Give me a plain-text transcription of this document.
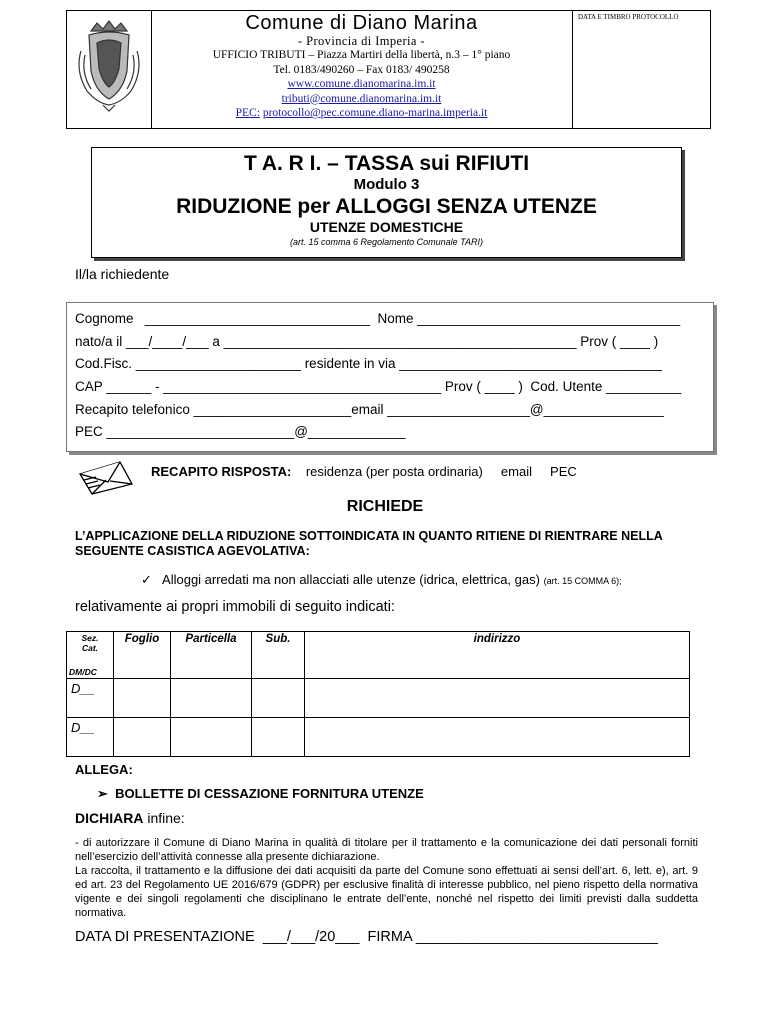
Comune di Diano Marina
- Provincia di Imperia -
UFFICIO TRIBUTI – Piazza Martiri della libertà, n.3 – 1° piano
Tel. 0183/490260 – Fax 0183/ 490258
www.comune.dianomarina.im.it
tributi@comune.dianomarina.im.it
PEC: protocollo@pec.comune.diano-marina.imperia.it
DATA E TIMBRO PROTOCOLLO
T A. R I. – TASSA sui RIFIUTI
Modulo 3
RIDUZIONE per ALLOGGI SENZA UTENZE
UTENZE DOMESTICHE
(art. 15 comma 6 Regolamento Comunale TARI)
Il/la richiedente
Cognome   ______________________________  Nome ___________________________________
nato/a il ___/____/___ a _______________________________________________ Prov ( ____ )
Cod.Fisc. ______________________ residente in via ___________________________________
CAP ______ - _____________________________________ Prov ( ____ )  Cod. Utente __________
Recapito telefonico _____________________email ___________________@________________
PEC _________________________@_____________
RECAPITO RISPOSTA:    residenza (per posta ordinaria)     email     PEC
RICHIEDE
L’APPLICAZIONE DELLA RIDUZIONE SOTTOINDICATA IN QUANTO RITIENE DI RIENTRARE NELLA SEGUENTE CASISTICA AGEVOLATIVA:
✓ Alloggi arredati ma non allacciati alle utenze (idrica, elettrica, gas) (art. 15 COMMA 6);
relativamente ai propri immobili di seguito indicati:
Sez. Cat.
DM/DC	Foglio	Particella	Sub.	indirizzo
D__				
D__				
ALLEGA:
➢ BOLLETTE DI CESSAZIONE FORNITURA UTENZE
DICHIARA infine:
- di autorizzare il Comune di Diano Marina in qualità di titolare per il trattamento e la comunicazione dei dati personali forniti nell’esercizio dell’attività connesse alla presente dichiarazione.
La raccolta, il trattamento e la diffusione dei dati acquisiti da parte del Comune sono effettuati ai sensi dell’art. 6, lett. e), art. 9 ed art. 23 del Regolamento UE 2016/679 (GDPR) per esclusive finalità di interesse pubblico, nel pieno rispetto della normativa vigente e dei singoli regolamenti che disciplinano le entrate dell’ente, nonché nel rispetto dei limiti previsti dalla suddetta normativa.
DATA DI PRESENTAZIONE  ___/___/20___  FIRMA ______________________________
